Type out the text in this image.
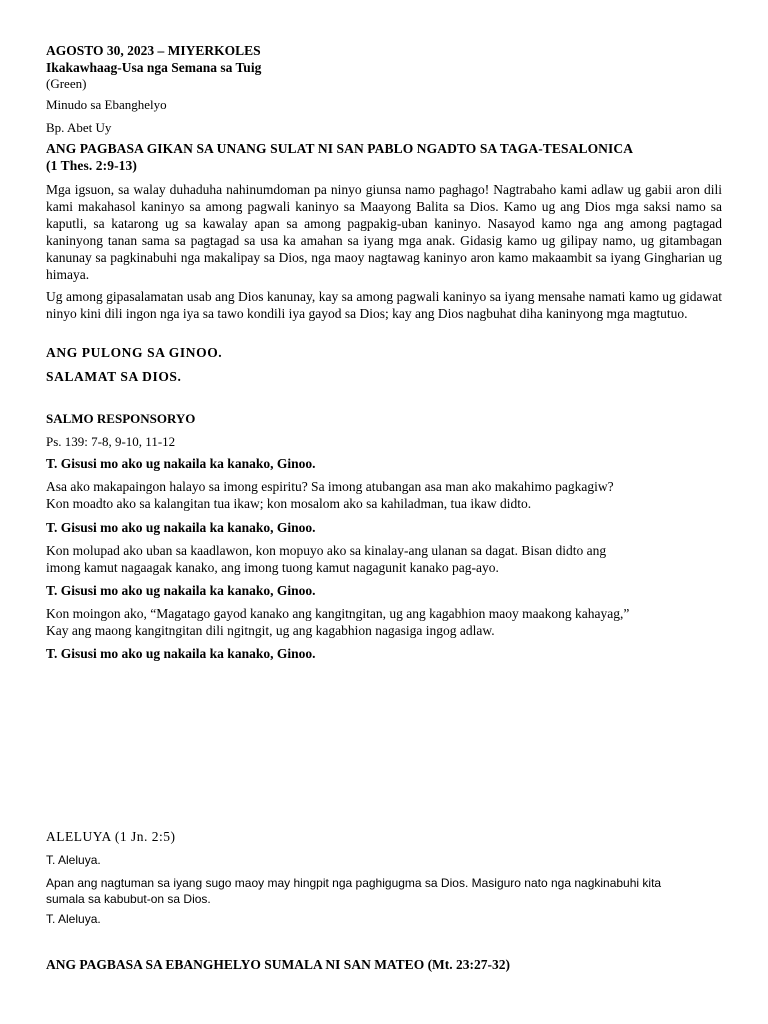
AGOSTO 30, 2023 – MIYERKOLES
Ikakawhaag-Usa nga Semana sa Tuig
(Green)
Minudo sa Ebanghelyo
Bp. Abet Uy
ANG PAGBASA GIKAN SA UNANG SULAT NI SAN PABLO NGADTO SA TAGA-TESALONICA
(1 Thes. 2:9-13)

Mga igsuon, sa walay duhaduha nahinumdoman pa ninyo giunsa namo paghago! Nagtrabaho kami adlaw ug gabii aron dili kami makahasol kaninyo sa among pagwali kaninyo sa Maayong Balita sa Dios. Kamo ug ang Dios mga saksi namo sa kaputli, sa katarong ug sa kawalay apan sa among pagpakig-uban kaninyo. Nasayod kamo nga ang among pagtagad kaninyong tanan sama sa pagtagad sa usa ka amahan sa iyang mga anak. Gidasig kamo ug gilipay namo, ug gitambagan kanunay sa pagkinabuhi nga makalipay sa Dios, nga maoy nagtawag kaninyo aron kamo makaambit sa iyang Gingharian ug himaya.

Ug among gipasalamatan usab ang Dios kanunay, kay sa among pagwali kaninyo sa iyang mensahe namati kamo ug gidawat ninyo kini dili ingon nga iya sa tawo kondili iya gayod sa Dios; kay ang Dios nagbuhat diha kaninyong mga magtutuo.

ANG PULONG SA GINOO.
SALAMAT SA DIOS.
SALMO RESPONSORYO
Ps. 139: 7-8, 9-10, 11-12
T. Gisusi mo ako ug nakaila ka kanako, Ginoo.
Asa ako makapaingon halayo sa imong espiritu? Sa imong atubangan asa man ako makahimo pagkagiw?
Kon moadto ako sa kalangitan tua ikaw; kon mosalom ako sa kahiladman, tua ikaw didto.
T. Gisusi mo ako ug nakaila ka kanako, Ginoo.
Kon molupad ako uban sa kaadlawon, kon mopuyo ako sa kinalay-ang ulanan sa dagat. Bisan didto ang
imong kamut nagaagak kanako, ang imong tuong kamut nagagunit kanako pag-ayo.
T. Gisusi mo ako ug nakaila ka kanako, Ginoo.
Kon moingon ako, “Magatago gayod kanako ang kangitngitan, ug ang kagabhion maoy maakong kahayag,”
Kay ang maong kangitngitan dili ngitngit, ug ang kagabhion nagasiga ingog adlaw.
T. Gisusi mo ako ug nakaila ka kanako, Ginoo.
ALELUYA (1 Jn. 2:5)
T. Aleluya.
Apan ang nagtuman sa iyang sugo maoy may hingpit nga paghigugma sa Dios. Masiguro nato nga nagkinabuhi kita
sumala sa kabubut-on sa Dios.
T. Aleluya.
ANG PAGBASA SA EBANGHELYO SUMALA NI SAN MATEO (Mt. 23:27-32)
